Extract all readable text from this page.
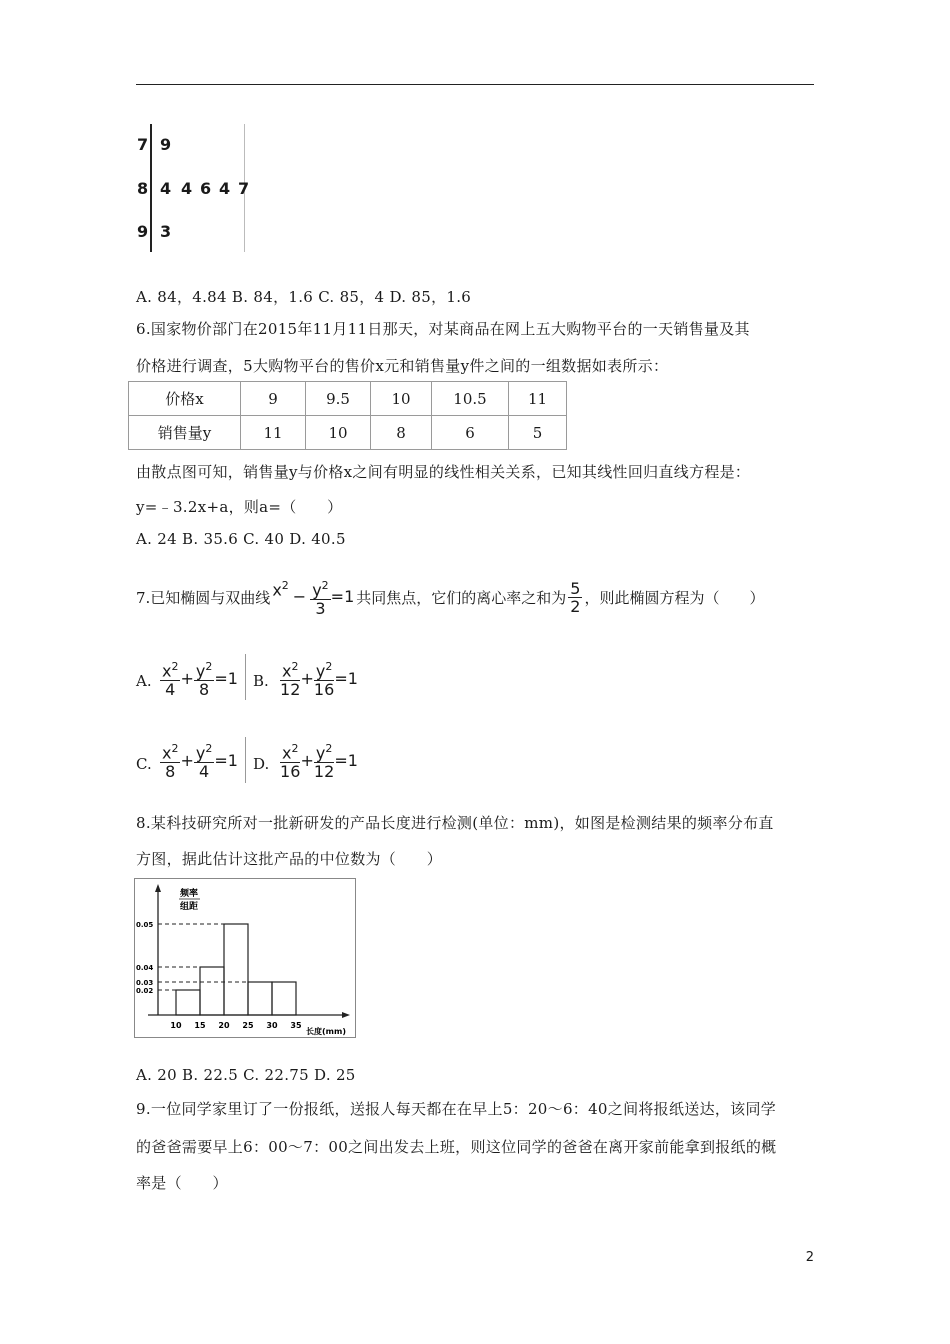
7 9
8 4 4 6 4 7
9 3
A. 84，4.84 B. 84，1.6 C. 85，4 D. 85，1.6
6.国家物价部门在2015年11月11日那天，对某商品在网上五大购物平台的一天销售量及其
价格进行调查，5大购物平台的售价x元和销售量y件之间的一组数据如表所示：
价格x	9	9.5	10	10.5	11
销售量y	11	10	8	6	5
由散点图可知，销售量y与价格x之间有明显的线性相关关系，已知其线性回归直线方程是：
y=﹣3.2x+a，则a=（　　）
A. 24 B. 35.6 C. 40 D. 40.5
7.已知椭圆与双曲线 $x^2$
− $\frac{y^2}{3} =1$ 共同焦点，它们的离心率之和为 $\frac{5}{2}$ ，则此椭圆方程为（　　）
A. $\frac{x^2}{4} + \frac{y^2}{8} =1$ B. $\frac{x^2}{12} + \frac{y^2}{16} =1$
C. $\frac{x^2}{8} + \frac{y^2}{4} =1$ D. $\frac{x^2}{16} + \frac{y^2}{12} =1$
8.某科技研究所对一批新研发的产品长度进行检测(单位：mm)，如图是检测结果的频率分布直
方图，据此估计这批产品的中位数为（　　）
频率
组距
长度(mm)
0.05
0.04
0.03
0.02
10 15 20 25 30 35
A. 20 B. 22.5 C. 22.75 D. 25
9.一位同学家里订了一份报纸，送报人每天都在在早上5：20～6：40之间将报纸送达，该同学
的爸爸需要早上6：00～7：00之间出发去上班，则这位同学的爸爸在离开家前能拿到报纸的概
率是（　　）
2
